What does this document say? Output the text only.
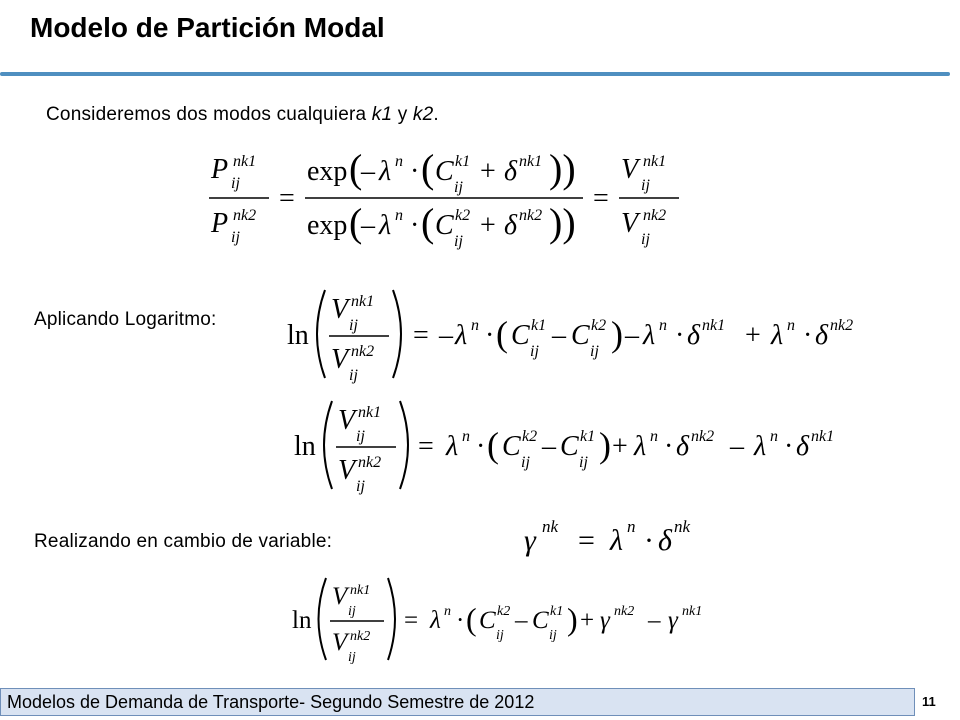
Modelo de Partición Modal
Consideremos dos modos cualquiera k1 y k2.
P ij
nk1
P ij
nk2
=
exp (
– λ n · ( C
ij
k1 + δ nk1 ))
exp (
– λ n · ( C
ij
k2 + δ nk2 ))
=
V
ij
nk1
V
ij
nk2
Aplicando Logaritmo:
ln
V
ij
nk1
V
ij
nk2
= – λ n · ( C
ij
k1 – C
ij
k2 ) – λ n · δ nk1 + λ n · δ nk2
ln
V
ij
nk1
V
ij
nk2
= λ n · ( C
ij
k2 – C
ij
k1 ) + λ n · δ nk2 – λ n · δ nk1
Realizando en cambio de variable:	γ nk = λ n · δ nk
ln
V
ij
nk1
V
ij
nk2
= λ n · ( C
ij
k2 – C
ij
k1 ) + γ nk2 – γ nk1
Modelos de Demanda de Transporte- Segundo Semestre de 2012	11
